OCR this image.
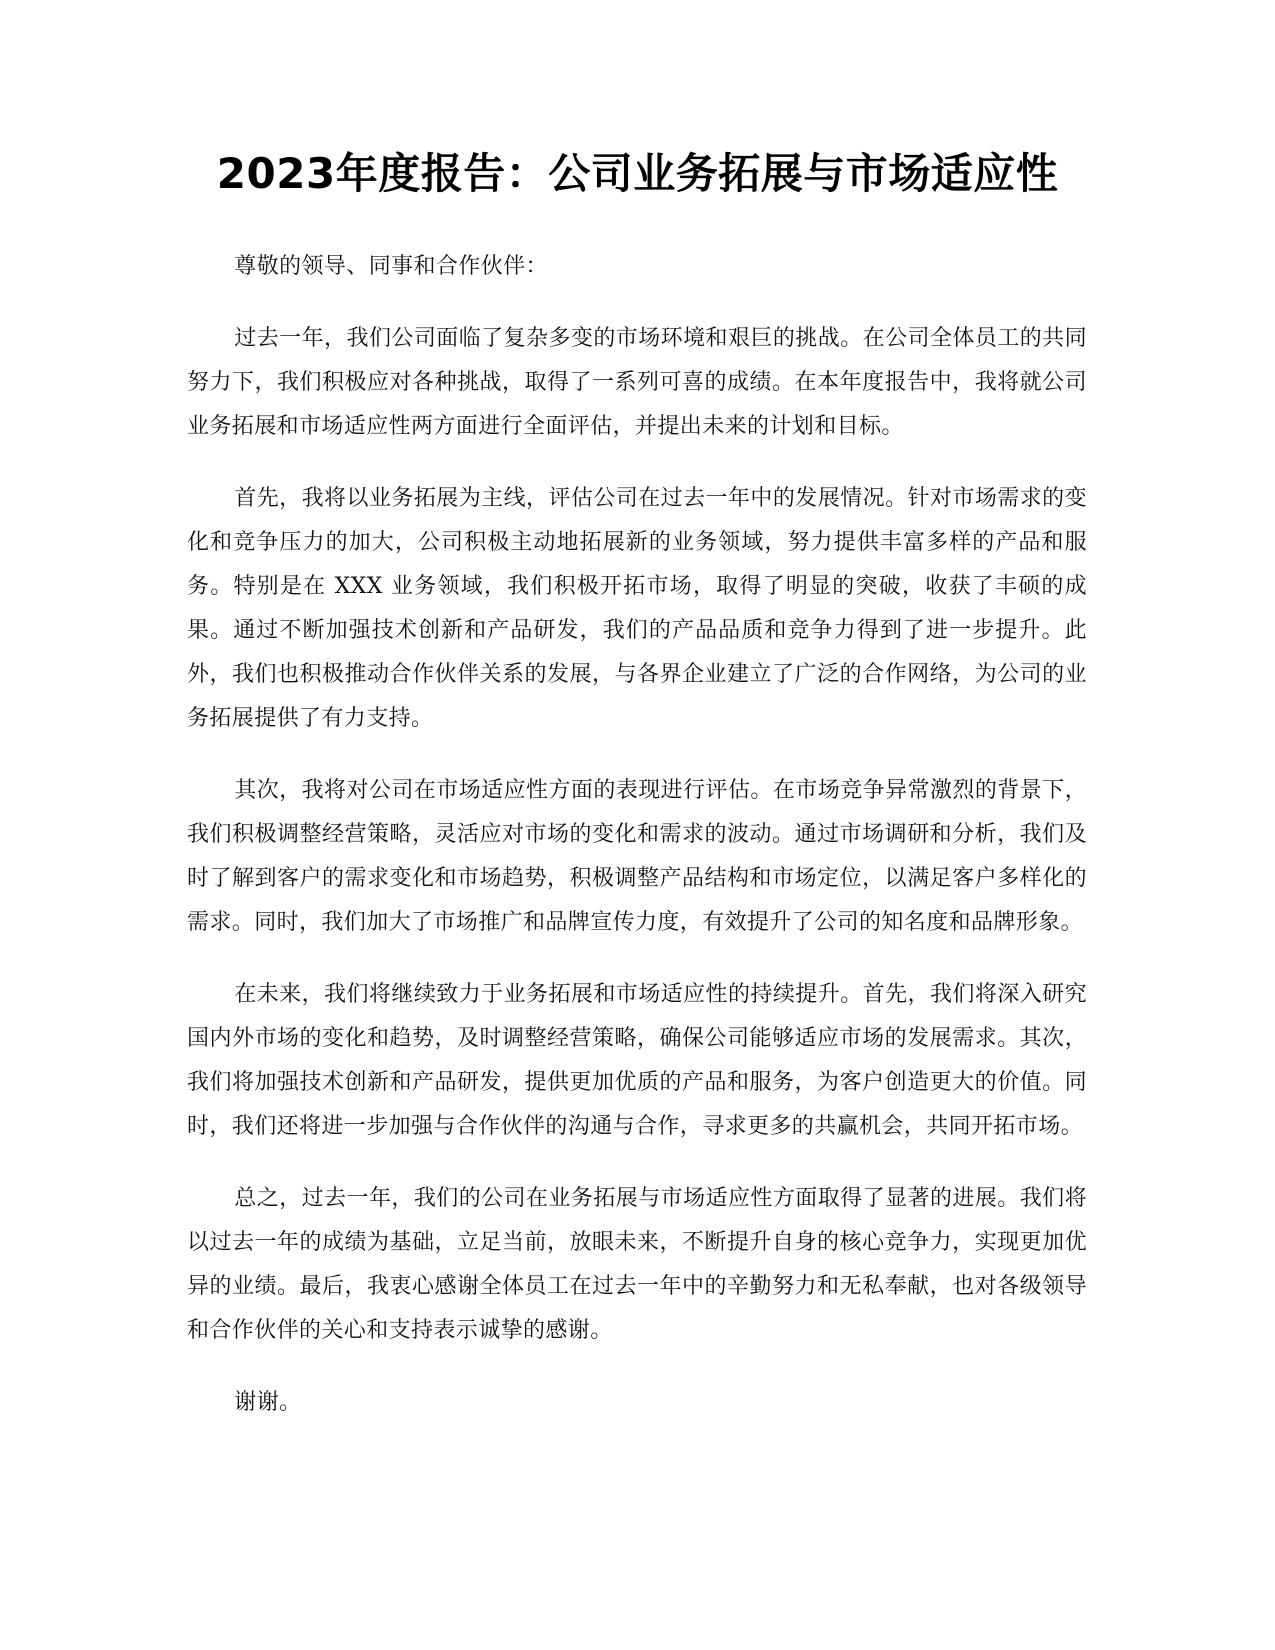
2023年度报告：公司业务拓展与市场适应性

尊敬的领导、同事和合作伙伴：

过去一年，我们公司面临了复杂多变的市场环境和艰巨的挑战。在公司全体员工的共同努力下，我们积极应对各种挑战，取得了一系列可喜的成绩。在本年度报告中，我将就公司业务拓展和市场适应性两方面进行全面评估，并提出未来的计划和目标。

首先，我将以业务拓展为主线，评估公司在过去一年中的发展情况。针对市场需求的变化和竞争压力的加大，公司积极主动地拓展新的业务领域，努力提供丰富多样的产品和服务。特别是在 XXX 业务领域，我们积极开拓市场，取得了明显的突破，收获了丰硕的成果。通过不断加强技术创新和产品研发，我们的产品品质和竞争力得到了进一步提升。此外，我们也积极推动合作伙伴关系的发展，与各界企业建立了广泛的合作网络，为公司的业务拓展提供了有力支持。

其次，我将对公司在市场适应性方面的表现进行评估。在市场竞争异常激烈的背景下，我们积极调整经营策略，灵活应对市场的变化和需求的波动。通过市场调研和分析，我们及时了解到客户的需求变化和市场趋势，积极调整产品结构和市场定位，以满足客户多样化的需求。同时，我们加大了市场推广和品牌宣传力度，有效提升了公司的知名度和品牌形象。

在未来，我们将继续致力于业务拓展和市场适应性的持续提升。首先，我们将深入研究国内外市场的变化和趋势，及时调整经营策略，确保公司能够适应市场的发展需求。其次，我们将加强技术创新和产品研发，提供更加优质的产品和服务，为客户创造更大的价值。同时，我们还将进一步加强与合作伙伴的沟通与合作，寻求更多的共赢机会，共同开拓市场。

总之，过去一年，我们的公司在业务拓展与市场适应性方面取得了显著的进展。我们将以过去一年的成绩为基础，立足当前，放眼未来，不断提升自身的核心竞争力，实现更加优异的业绩。最后，我衷心感谢全体员工在过去一年中的辛勤努力和无私奉献，也对各级领导和合作伙伴的关心和支持表示诚挚的感谢。

谢谢。
